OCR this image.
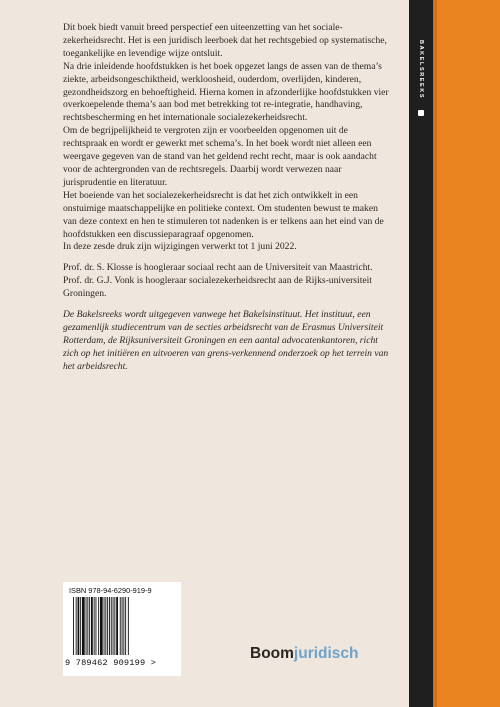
BAKELSREEKS

Dit boek biedt vanuit breed perspectief een uiteenzetting van het sociale-zekerheidsrecht. Het is een juridisch leerboek dat het rechtsgebied op systematische, toegankelijke en levendige wijze ontsluit.

Na drie inleidende hoofdstukken is het boek opgezet langs de assen van de thema’s ziekte, arbeidsongeschiktheid, werkloosheid, ouderdom, overlijden, kinderen, gezondheidszorg en behoeftigheid. Hierna komen in afzonderlijke hoofdstukken vier overkoepelende thema’s aan bod met betrekking tot re-integratie, handhaving, rechtsbescherming en het internationale socialezekerheidsrecht.

Om de begrijpelijkheid te vergroten zijn er voorbeelden opgenomen uit de rechtspraak en wordt er gewerkt met schema’s. In het boek wordt niet alleen een weergave gegeven van de stand van het geldend recht recht, maar is ook aandacht voor de achtergronden van de rechtsregels. Daarbij wordt verwezen naar jurisprudentie en literatuur.

Het boeiende van het socialezekerheidsrecht is dat het zich ontwikkelt in een onstuimige maatschappelijke en politieke context. Om studenten bewust te maken van deze context en hen te stimuleren tot nadenken is er telkens aan het eind van de hoofdstukken een discussieparagraaf opgenomen.

In deze zesde druk zijn wijzigingen verwerkt tot 1 juni 2022.

Prof. dr. S. Klosse is hoogleraar sociaal recht aan de Universiteit van Maastricht.

Prof. dr. G.J. Vonk is hoogleraar socialezekerheidsrecht aan de Rijks-universiteit Groningen.

De Bakelsreeks wordt uitgegeven vanwege het Bakelsinstituut. Het instituut, een gezamenlijk studiecentrum van de secties arbeidsrecht van de Erasmus Universiteit Rotterdam, de Rijksuniversiteit Groningen en een aantal advocatenkantoren, richt zich op het initiëren en uitvoeren van grens-verkennend onderzoek op het terrein van het arbeidsrecht.

ISBN 978-94-6290-919-9
9 789462 909199 >
Boomjuridisch
